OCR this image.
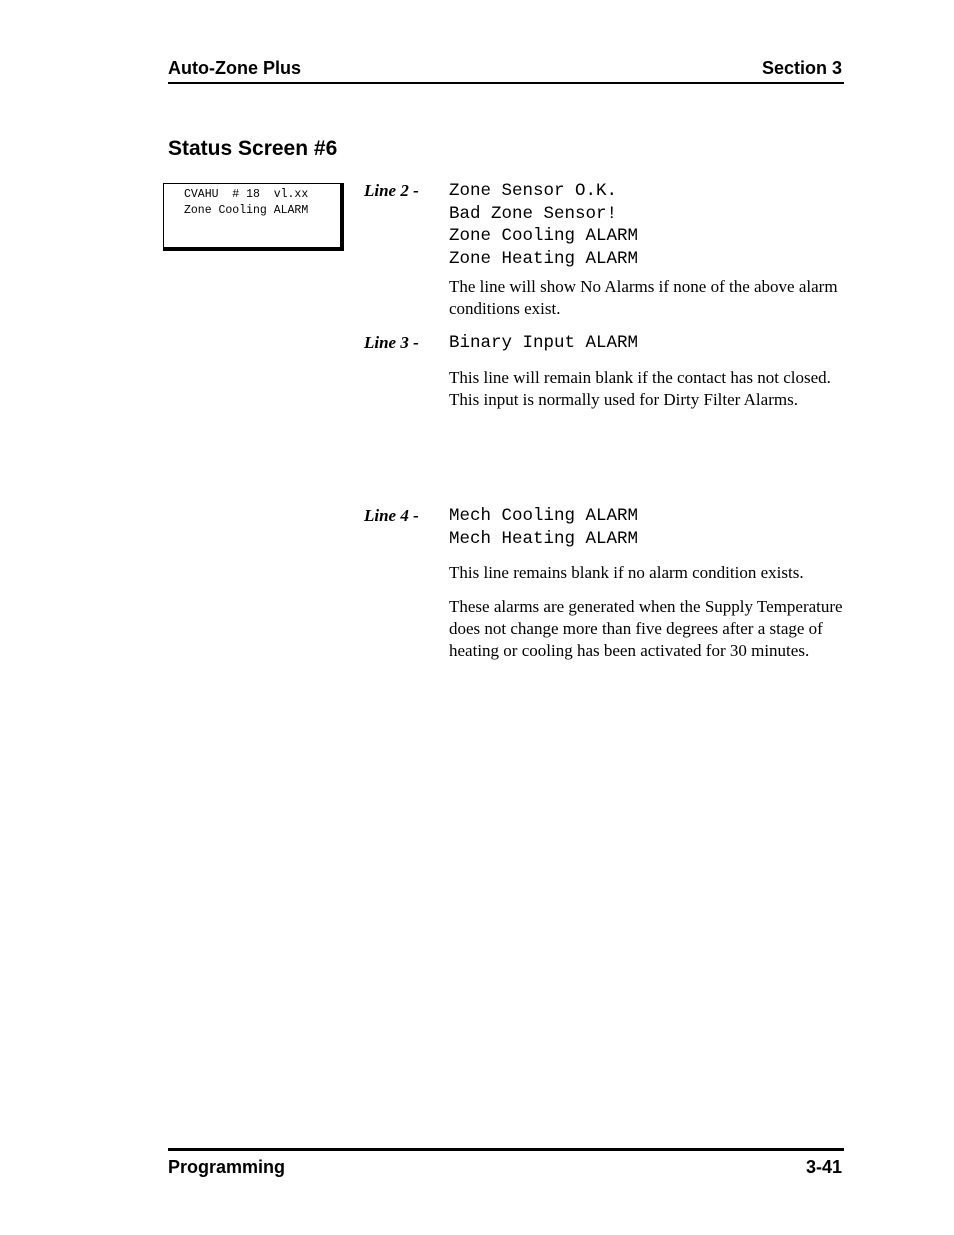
Auto-Zone Plus	Section 3
Status Screen #6
CVAHU  # 18  vl.xx
Zone Cooling ALARM
Line 2 - Zone Sensor O.K.
Bad Zone Sensor!
Zone Cooling ALARM
Zone Heating ALARM
The line will show No Alarms if none of the above alarm conditions exist.
Line 3 - Binary Input ALARM
This line will remain blank if the contact has not closed. This input is normally used for Dirty Filter Alarms.
Line 4 - Mech Cooling ALARM
Mech Heating ALARM
This line remains blank if no alarm condition exists.
These alarms are generated when the Supply Temperature does not change more than five degrees after a stage of heating or cooling has been activated for 30 minutes.
Programming	3-41
